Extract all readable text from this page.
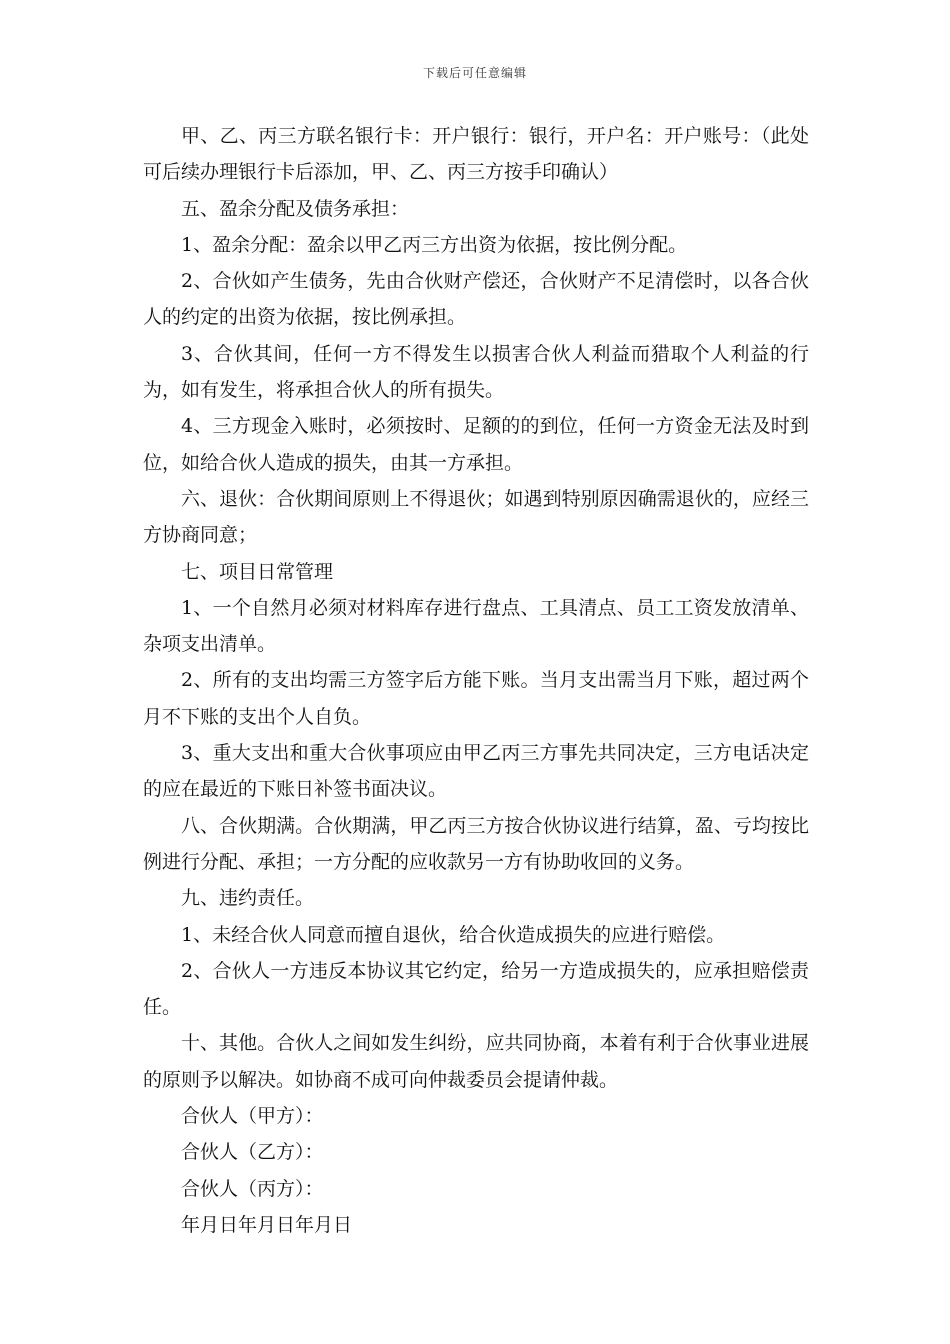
下载后可任意编辑

甲、乙、丙三方联名银行卡：开户银行：银行，开户名：开户账号：（此处可后续办理银行卡后添加，甲、乙、丙三方按手印确认）

五、盈余分配及债务承担：

1、盈余分配：盈余以甲乙丙三方出资为依据，按比例分配。

2、合伙如产生债务，先由合伙财产偿还，合伙财产不足清偿时，以各合伙人的约定的出资为依据，按比例承担。

3、合伙其间，任何一方不得发生以损害合伙人利益而猎取个人利益的行为，如有发生，将承担合伙人的所有损失。

4、三方现金入账时，必须按时、足额的的到位，任何一方资金无法及时到位，如给合伙人造成的损失，由其一方承担。

六、退伙：合伙期间原则上不得退伙；如遇到特别原因确需退伙的，应经三方协商同意；

七、项目日常管理

1、一个自然月必须对材料库存进行盘点、工具清点、员工工资发放清单、杂项支出清单。

2、所有的支出均需三方签字后方能下账。当月支出需当月下账，超过两个月不下账的支出个人自负。

3、重大支出和重大合伙事项应由甲乙丙三方事先共同决定，三方电话决定的应在最近的下账日补签书面决议。

八、合伙期满。合伙期满，甲乙丙三方按合伙协议进行结算，盈、亏均按比例进行分配、承担；一方分配的应收款另一方有协助收回的义务。

九、违约责任。

1、未经合伙人同意而擅自退伙，给合伙造成损失的应进行赔偿。

2、合伙人一方违反本协议其它约定，给另一方造成损失的，应承担赔偿责任。

十、其他。合伙人之间如发生纠纷，应共同协商，本着有利于合伙事业进展的原则予以解决。如协商不成可向仲裁委员会提请仲裁。

合伙人（甲方）：

合伙人（乙方）：

合伙人（丙方）：

年月日年月日年月日
